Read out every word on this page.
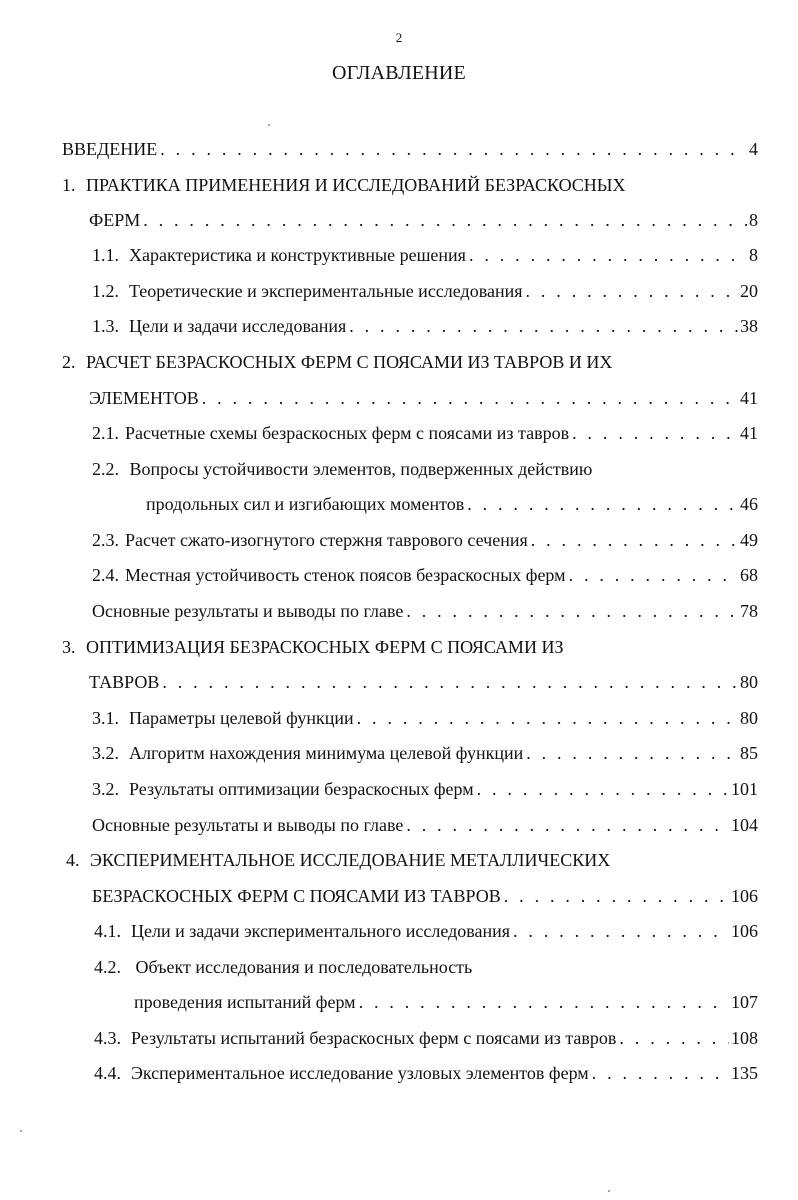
2
ОГЛАВЛЕНИЕ
ВВЕДЕНИЕ . . .	4
1. ПРАКТИКА ПРИМЕНЕНИЯ И ИССЛЕДОВАНИЙ БЕЗРАСКОСНЫХ
ФЕРМ . . .	8
1.1. Характеристика и конструктивные решения . . .	8
1.2. Теоретические и экспериментальные исследования . . .	20
1.3. Цели и задачи исследования . . .	38
2. РАСЧЕТ БЕЗРАСКОСНЫХ ФЕРМ С ПОЯСАМИ ИЗ ТАВРОВ И ИХ
ЭЛЕМЕНТОВ . . .	41
2.1. Расчетные схемы безраскосных ферм с поясами из тавров . . .	41
2.2. Вопросы устойчивости элементов, подверженных действию
продольных сил и изгибающих моментов . . .	46
2.3. Расчет сжато-изогнутого стержня таврового сечения . . .	49
2.4. Местная устойчивость стенок поясов безраскосных ферм . . .	68
Основные результаты и выводы по главе . . .	78
3. ОПТИМИЗАЦИЯ БЕЗРАСКОСНЫХ ФЕРМ С ПОЯСАМИ ИЗ
ТАВРОВ . . .	80
3.1. Параметры целевой функции . . .	80
3.2. Алгоритм нахождения минимума целевой функции . . .	85
3.2. Результаты оптимизации безраскосных ферм . . .	101
Основные результаты и выводы по главе . . .	104
4. ЭКСПЕРИМЕНТАЛЬНОЕ ИССЛЕДОВАНИЕ МЕТАЛЛИЧЕСКИХ
БЕЗРАСКОСНЫХ ФЕРМ С ПОЯСАМИ ИЗ ТАВРОВ . . .	106
4.1. Цели и задачи экспериментального исследования . . .	106
4.2. Объект исследования и последовательность
проведения испытаний ферм . . .	107
4.3. Результаты испытаний безраскосных ферм с поясами из тавров . . .	108
4.4. Экспериментальное исследование узловых элементов ферм . . .	135
